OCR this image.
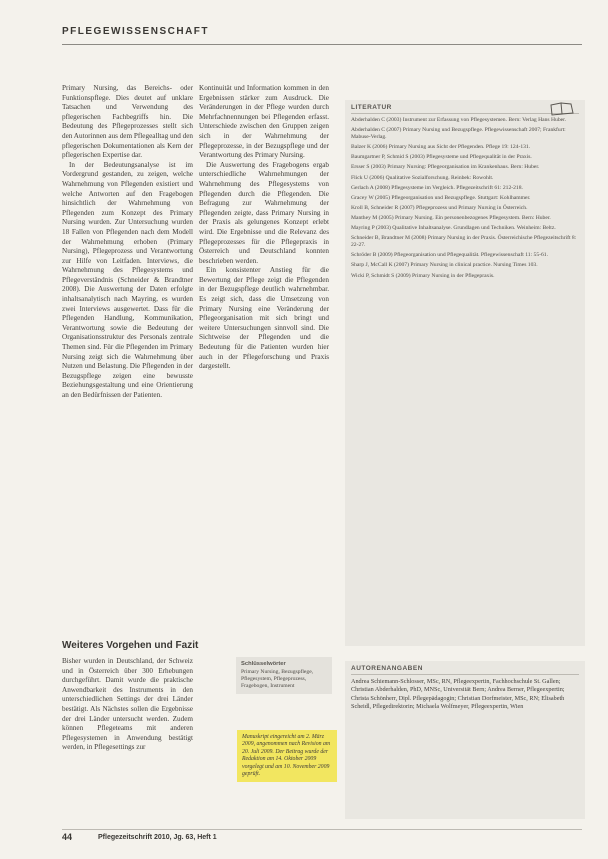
PFLEGEWISSENSCHAFT

Primary Nursing, das Bereichs- oder Funktionspflege. Dies deutet auf unklare Tatsachen und Verwendung des pflegerischen Fachbegriffs hin. Die Bedeutung des Pflegeprozesses stellt sich den Autorinnen aus dem Pflegealltag und den pflegerischen Dokumentationen als Kern der pflegerischen Expertise dar.

In der Bedeutungsanalyse ist im Vordergrund gestanden, zu zeigen, welche Wahrnehmung von Pflegenden existiert und welche Antworten auf den Fragebogen hinsichtlich der Wahrnehmung von Pflegenden zum Konzept des Primary Nursing wurden. Zur Untersuchung wurden 18 Fallen von Pflegenden nach dem Modell der Wahrnehmung erhoben (Primary Nursing), Pflegeprozess und Verantwortung zur Hilfe von Leitfaden. Interviews, die Wahrnehmung des Pflegesystems und Pflegeverständnis (Schneider & Brandtner 2008). Die Auswertung der Daten erfolgte inhaltsanalytisch nach Mayring, es wurden zwei Interviews ausgewertet. Dass für die Pflegenden Handlung, Kommunikation, Verantwortung sowie die Bedeutung der Organisationsstruktur des Personals zentrale Themen sind. Für die Pflegenden im Primary Nursing zeigt sich die Wahrnehmung über Nutzen und Belastung. Die Pflegenden in der Bezugspflege zeigen eine bewusste Beziehungsgestaltung und eine Orientierung an den Bedürfnissen der Patienten.

Kontinuität und Information kommen in den Ergebnissen stärker zum Ausdruck. Die Veränderungen in der Pflege wurden durch Mehrfachnennungen bei Pflegenden erfasst. Unterschiede zwischen den Gruppen zeigen sich in der Wahrnehmung der Pflegeprozesse, in der Bezugspflege und der Verantwortung des Primary Nursing.

Die Auswertung des Fragebogens ergab unterschiedliche Wahrnehmungen der Wahrnehmung des Pflegesystems von Pflegenden durch die Pflegenden. Die Befragung zur Wahrnehmung der Pflegenden zeigte, dass Primary Nursing in der Praxis als gelungenes Konzept erlebt wird. Die Ergebnisse und die Relevanz des Pflegeprozesses für die Pflegepraxis in Österreich und Deutschland konnten beschrieben werden.

Ein konsistenter Anstieg für die Bewertung der Pflege zeigt die Pflegenden in der Bezugspflege deutlich wahrnehmbar. Es zeigt sich, dass die Umsetzung von Primary Nursing eine Veränderung der Pflegeorganisation mit sich bringt und weitere Untersuchungen sinnvoll sind. Die Sichtweise der Pflegenden und die Bedeutung für die Patienten wurden hier auch in der Pflegeforschung und Praxis dargestellt.

Weiteres Vorgehen und Fazit

Bisher wurden in Deutschland, der Schweiz und in Österreich über 300 Erhebungen durchgeführt. Damit wurde die praktische Anwendbarkeit des Instruments in den unterschiedlichen Settings der drei Länder bestätigt. Als Nächstes sollen die Ergebnisse der drei Länder untersucht werden. Zudem können Pflegeteams mit anderen Pflegesystemen in Anwendung bestätigt werden, in Pflegesettings zur

LITERATUR

Abderhalden C (2003) Instrument zur Erfassung von Pflegesystemen. Bern: Verlag Hans Huber.

Abderhalden C (2007) Primary Nursing und Bezugspflege. Pflegewissenschaft 2007; Frankfurt: Mabuse-Verlag.

Balzer K (2006) Primary Nursing aus Sicht der Pflegenden. Pflege 19: 124-131.

Baumgartner P, Schmid S (2003) Pflegesysteme und Pflegequalität in der Praxis.

Ersser S (2003) Primary Nursing: Pflegeorganisation im Krankenhaus. Bern: Huber.

Flick U (2006) Qualitative Sozialforschung. Reinbek: Rowohlt.

Gerlach A (2008) Pflegesysteme im Vergleich. Pflegezeitschrift 61: 212-218.

Gracey W (2005) Pflegeorganisation und Bezugspflege. Stuttgart: Kohlhammer.

Kroll B, Schneider R (2007) Pflegeprozess und Primary Nursing in Österreich.

Manthey M (2005) Primary Nursing. Ein personenbezogenes Pflegesystem. Bern: Huber.

Mayring P (2003) Qualitative Inhaltsanalyse. Grundlagen und Techniken. Weinheim: Beltz.

Schneider B, Brandtner M (2008) Primary Nursing in der Praxis. Österreichische Pflegezeitschrift 8: 22-27.

Schröder B (2009) Pflegeorganisation und Pflegequalität. Pflegewissenschaft 11: 55-61.

Sharp J, McCall K (2007) Primary Nursing in clinical practice. Nursing Times 103.

Wicki P, Schmidt S (2009) Primary Nursing in der Pflegepraxis.

AUTORENANGABEN
Andrea Schiemann-Schlosser, MSc, RN, Pflegeexpertin, Fachhochschule St. Gallen; Christian Abderhalden, PhD, MNSc, Universität Bern; Andrea Berner, Pflegeexpertin; Christa Schönherr, Dipl. Pflegepädagogin; Christian Dorfmeister, MSc, RN; Elisabeth Scheidl, Pflegedirektorin; Michaela Wolfmeyer, Pflegeexpertin, Wien
Schlüsselwörter
Primary Nursing, Bezugspflege, Pflegesystem, Pflegeprozess, Fragebogen, Instrument
Manuskript eingereicht am 2. März 2009, angenommen nach Revision am 20. Juli 2009. Der Beitrag wurde der Redaktion am 14. Oktober 2009 vorgelegt und am 10. November 2009 geprüft.
44	Pflegezeitschrift 2010, Jg. 63, Heft 1
